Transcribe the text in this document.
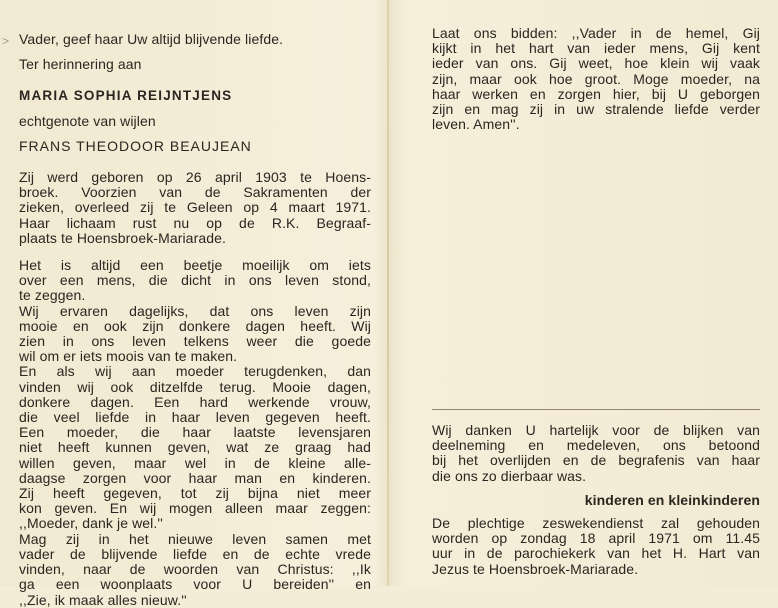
> Vader, geef haar Uw altijd blijvende liefde.
Ter herinnering aan
MARIA SOPHIA REIJNTJENS
echtgenote van wijlen
FRANS THEODOOR BEAUJEAN
Zij werd geboren op 26 april 1903 te Hoens-
broek. Voorzien van de Sakramenten der
zieken, overleed zij te Geleen op 4 maart 1971.
Haar lichaam rust nu op de R.K. Begraaf-
plaats te Hoensbroek-Mariarade.
Het is altijd een beetje moeilijk om iets
over een mens, die dicht in ons leven stond,
te zeggen.
Wij ervaren dagelijks, dat ons leven zijn
mooie en ook zijn donkere dagen heeft. Wij
zien in ons leven telkens weer die goede
wil om er iets moois van te maken.
En als wij aan moeder terugdenken, dan
vinden wij ook ditzelfde terug. Mooie dagen,
donkere dagen. Een hard werkende vrouw,
die veel liefde in haar leven gegeven heeft.
Een moeder, die haar laatste levensjaren
niet heeft kunnen geven, wat ze graag had
willen geven, maar wel in de kleine alle-
daagse zorgen voor haar man en kinderen.
Zij heeft gegeven, tot zij bijna niet meer
kon geven. En wij mogen alleen maar zeggen:
,,Moeder, dank je wel.''
Mag zij in het nieuwe leven samen met
vader de blijvende liefde en de echte vrede
vinden, naar de woorden van Christus: ,,Ik
ga een woonplaats voor U bereiden'' en
,,Zie, ik maak alles nieuw.''
Laat ons bidden: ,,Vader in de hemel, Gij
kijkt in het hart van ieder mens, Gij kent
ieder van ons. Gij weet, hoe klein wij vaak
zijn, maar ook hoe groot. Moge moeder, na
haar werken en zorgen hier, bij U geborgen
zijn en mag zij in uw stralende liefde verder
leven. Amen''.
Wij danken U hartelijk voor de blijken van
deelneming en medeleven, ons betoond
bij het overlijden en de begrafenis van haar
die ons zo dierbaar was.
kinderen en kleinkinderen
De plechtige zeswekendienst zal gehouden
worden op zondag 18 april 1971 om 11.45
uur in de parochiekerk van het H. Hart van
Jezus te Hoensbroek-Mariarade.
